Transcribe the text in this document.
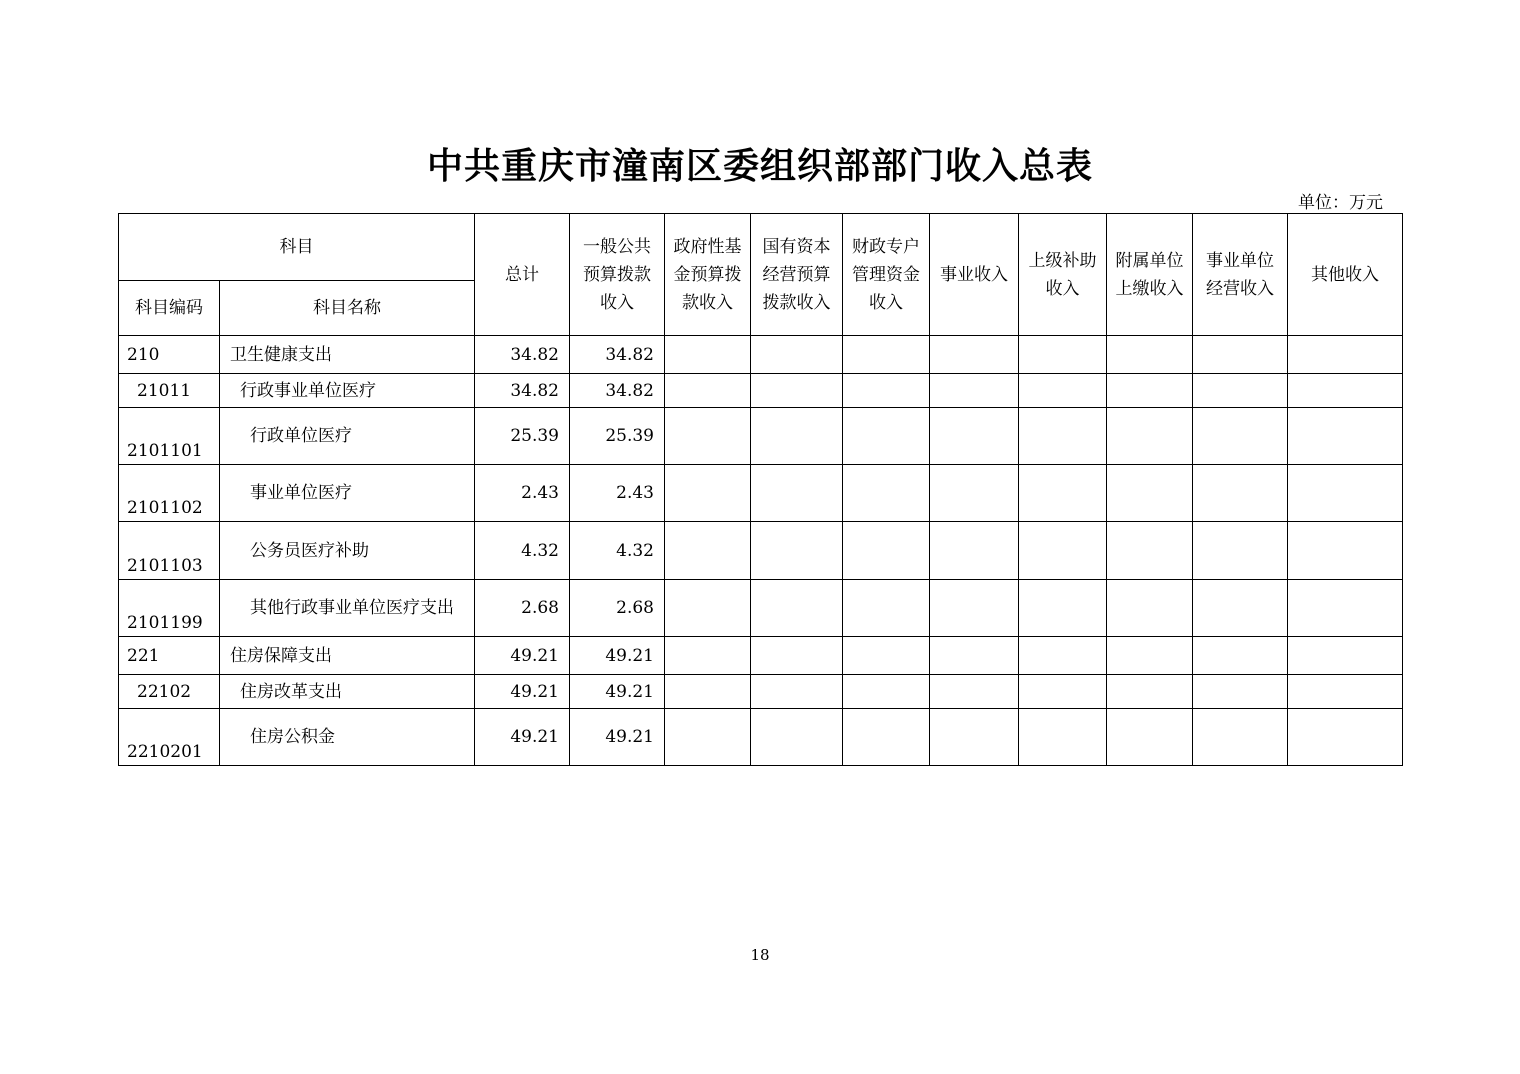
中共重庆市潼南区委组织部部门收入总表
单位：万元
科目		总计	一般公共预算拨款收入	政府性基金预算拨款收入	国有资本经营预算拨款收入	财政专户管理资金收入	事业收入	上级补助收入	附属单位上缴收入	事业单位经营收入	其他收入
科目编码	科目名称										
210	卫生健康支出	34.82	34.82								
21011	行政事业单位医疗	34.82	34.82								
2101101	行政单位医疗	25.39	25.39								
2101102	事业单位医疗	2.43	2.43								
2101103	公务员医疗补助	4.32	4.32								
2101199	其他行政事业单位医疗支出	2.68	2.68								
221	住房保障支出	49.21	49.21								
22102	住房改革支出	49.21	49.21								
2210201	住房公积金	49.21	49.21								
18
